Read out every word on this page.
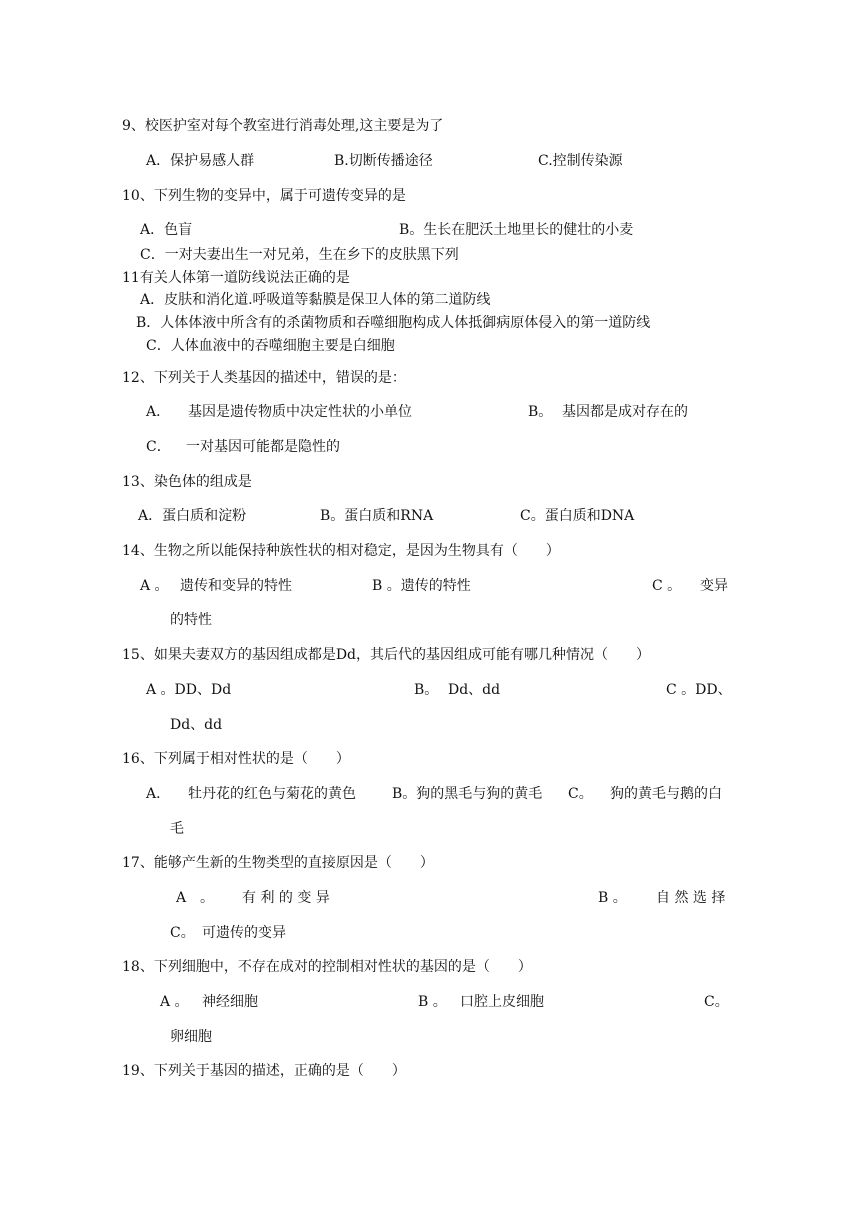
9、校医护室对每个教室进行消毒处理,这主要是为了
A．保护易感人群	B.切断传播途径	C.控制传染源
10、下列生物的变异中，属于可遗传变异的是
A．色盲	B。生长在肥沃土地里长的健壮的小麦
C．一对夫妻出生一对兄弟，生在乡下的皮肤黑下列
11有关人体第一道防线说法正确的是
A．皮肤和消化道.呼吸道等黏膜是保卫人体的第二道防线
B．人体体液中所含有的杀菌物质和吞噬细胞构成人体抵御病原体侵入的第一道防线
C．人体血液中的吞噬细胞主要是白细胞
12、下列关于人类基因的描述中，错误的是：
A． 基因是遗传物质中决定性状的小单位	B。 基因都是成对存在的
C． 一对基因可能都是隐性的
13、染色体的组成是
A．蛋白质和淀粉	B。蛋白质和RNA	C。蛋白质和DNA
14、生物之所以能保持种族性状的相对稳定，是因为生物具有（　　）
A 。 遗传和变异的特性	B 。遗传的特性	C 。 变异
的特性
15、如果夫妻双方的基因组成都是Dd，其后代的基因组成可能有哪几种情况（　　）
A 。DD、Dd	B。 Dd、dd	C 。DD、
Dd、dd
16、下列属于相对性状的是（　　）
A． 牡丹花的红色与菊花的黄色	B。狗的黑毛与狗的黄毛 C。 狗的黄毛与鹅的白
毛
17、能够产生新的生物类型的直接原因是（　　）
A 。 有 利 的 变 异	B 。 自 然 选 择
C。 可遗传的变异
18、下列细胞中，不存在成对的控制相对性状的基因的是（　　）
A 。 神经细胞	B 。 口腔上皮细胞	C。
卵细胞
19、下列关于基因的描述，正确的是（　　）
